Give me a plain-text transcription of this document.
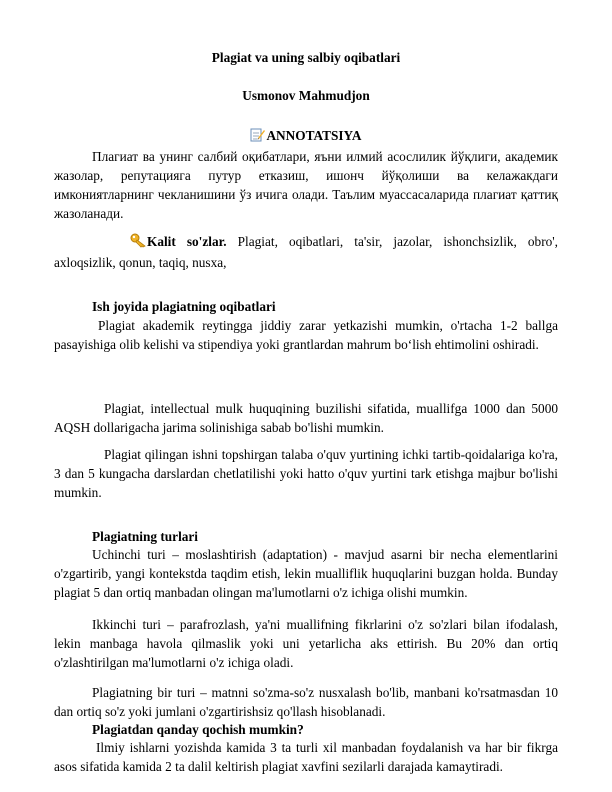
Plagiat va uning salbiy oqibatlari
Usmonov Mahmudjon
ANNOTATSIYA
Плагиат ва унинг салбий оқибатлари, яъни илмий асослилик йўқлиги, академик жазолар, репутацияга путур етказиш, ишонч йўқолиши ва келажакдаги имкониятларнинг чекланишини ўз ичига олади. Таълим муассасаларида плагиат қаттиқ жазоланади.
Kalit so'zlar. Plagiat, oqibatlari, ta'sir, jazolar, ishonchsizlik, obro', axloqsizlik, qonun, taqiq, nusxa,
Ish joyida plagiatning oqibatlari
Plagiat akademik reytingga jiddiy zarar yetkazishi mumkin, o'rtacha 1-2 ballga pasayishiga olib kelishi va stipendiya yoki grantlardan mahrum bo‘lish ehtimolini oshiradi.
Plagiat, intellectual mulk huquqining buzilishi sifatida, muallifga 1000 dan 5000 AQSH dollarigacha jarima solinishiga sabab bo'lishi mumkin.
Plagiat qilingan ishni topshirgan talaba o'quv yurtining ichki tartib-qoidalariga ko'ra, 3 dan 5 kungacha darslardan chetlatilishi yoki hatto o'quv yurtini tark etishga majbur bo'lishi mumkin.
Plagiatning turlari
Uchinchi turi – moslashtirish (adaptation) - mavjud asarni bir necha elementlarini o'zgartirib, yangi kontekstda taqdim etish, lekin mualliflik huquqlarini buzgan holda. Bunday plagiat 5 dan ortiq manbadan olingan ma'lumotlarni o'z ichiga olishi mumkin.
Ikkinchi turi – parafrozlash, ya'ni muallifning fikrlarini o'z so'zlari bilan ifodalash, lekin manbaga havola qilmaslik yoki uni yetarlicha aks ettirish. Bu 20% dan ortiq o'zlashtirilgan ma'lumotlarni o'z ichiga oladi.
Plagiatning bir turi – matnni so'zma-so'z nusxalash bo'lib, manbani ko'rsatmasdan 10 dan ortiq so'z yoki jumlani o'zgartirishsiz qo'llash hisoblanadi.
Plagiatdan qanday qochish mumkin?
Ilmiy ishlarni yozishda kamida 3 ta turli xil manbadan foydalanish va har bir fikrga asos sifatida kamida 2 ta dalil keltirish plagiat xavfini sezilarli darajada kamaytiradi.
